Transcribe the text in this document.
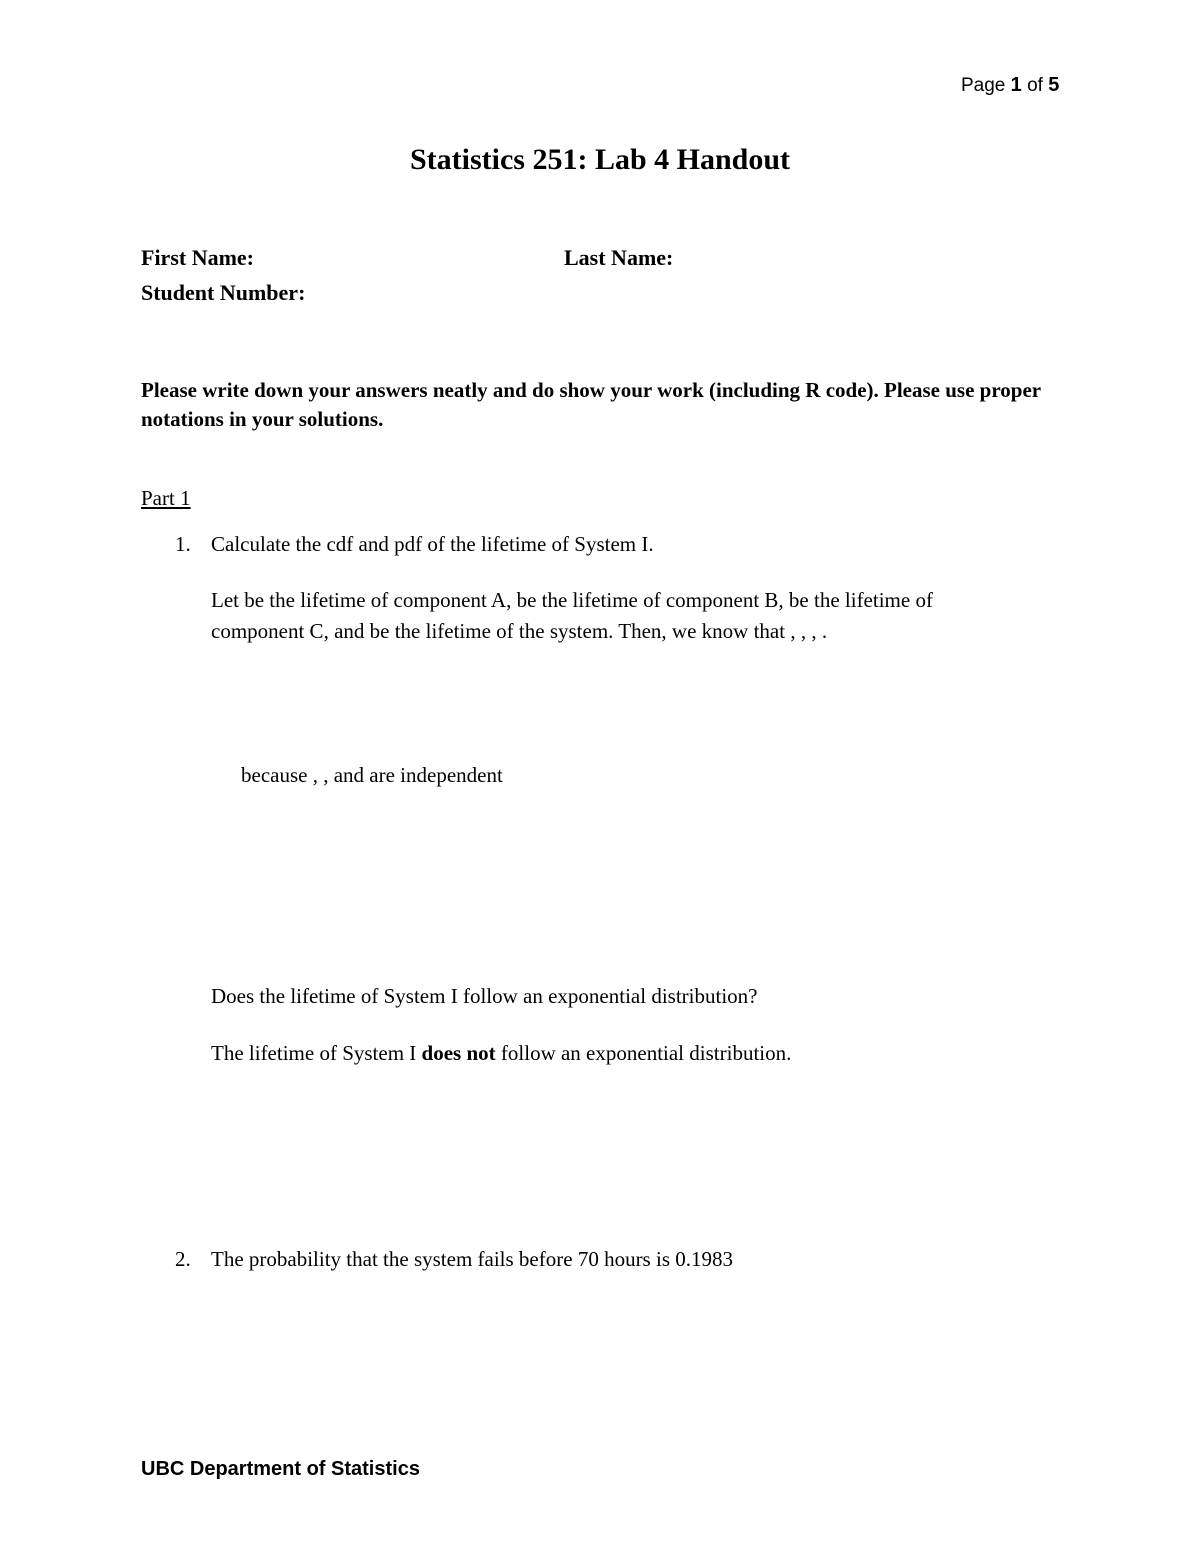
Page 1 of 5
Statistics 251: Lab 4 Handout
First Name:	Last Name:
Student Number:
Please write down your answers neatly and do show your work (including R code). Please use proper notations in your solutions.
Part 1
1. Calculate the cdf and pdf of the lifetime of System I.
Let be the lifetime of component A, be the lifetime of component B, be the lifetime of
component C, and be the lifetime of the system. Then, we know that , , , .
because , , and are independent
Does the lifetime of System I follow an exponential distribution?
The lifetime of System I does not follow an exponential distribution.
2. The probability that the system fails before 70 hours is 0.1983
UBC Department of Statistics
